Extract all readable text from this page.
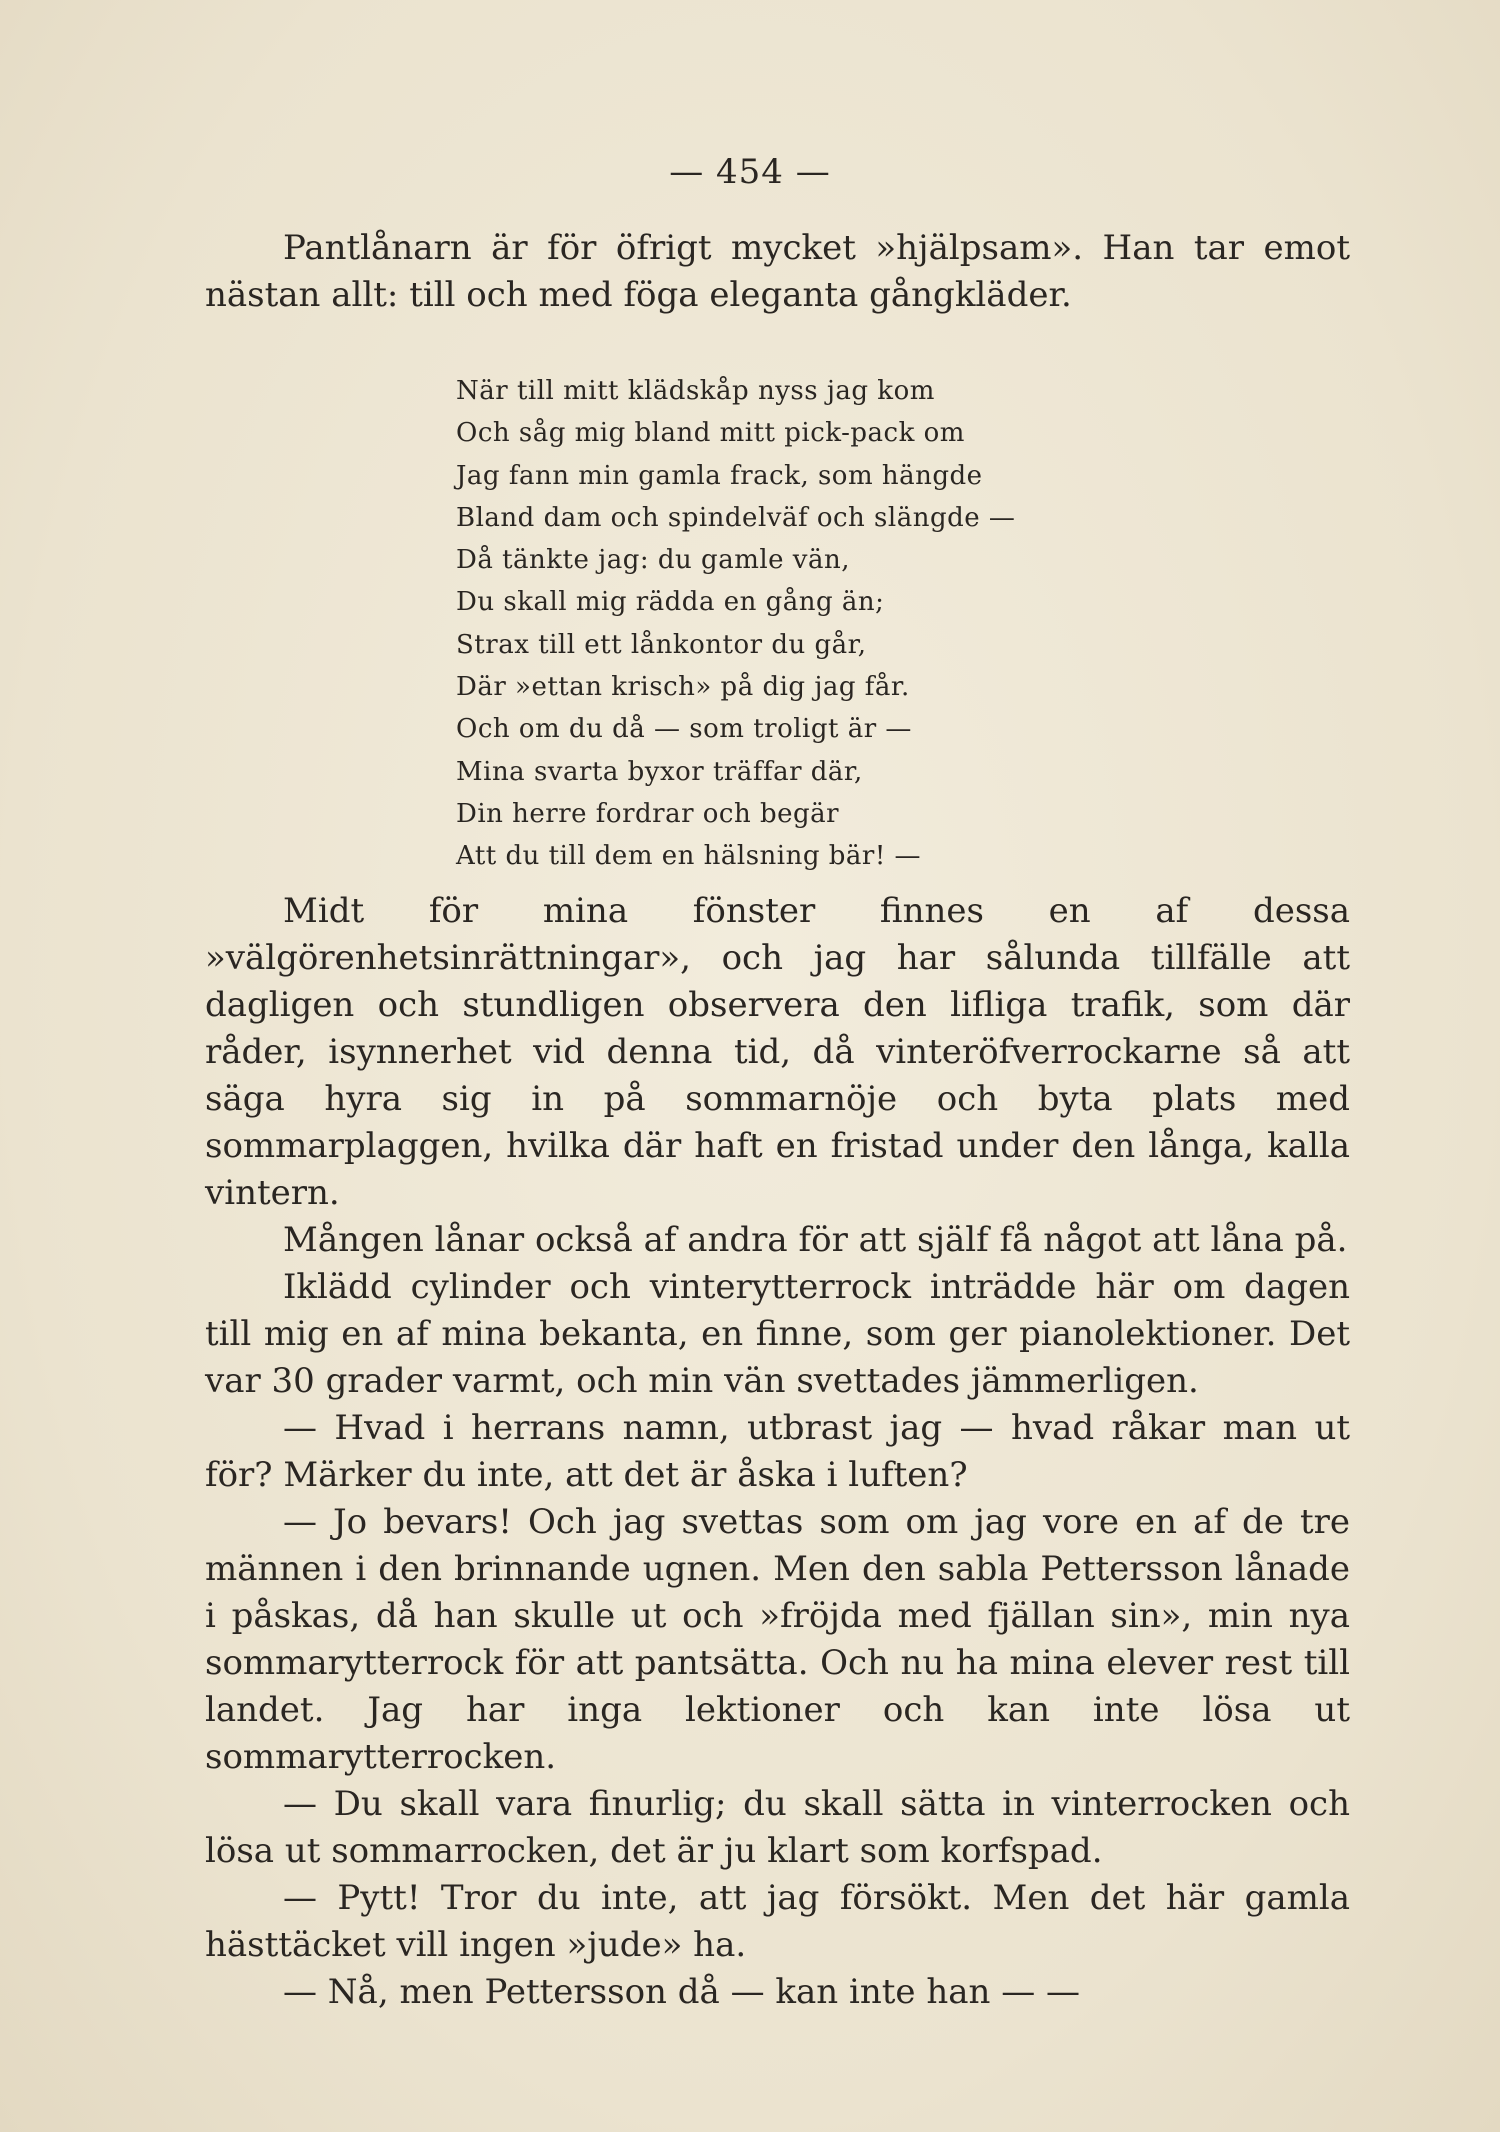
— 454 —

Pantlånarn är för öfrigt mycket »hjälpsam». Han tar emot nästan allt: till och med föga eleganta gångkläder.

När till mitt klädskåp nyss jag kom
Och såg mig bland mitt pick-pack om
Jag fann min gamla frack, som hängde
Bland dam och spindelväf och slängde —
Då tänkte jag: du gamle vän,
Du skall mig rädda en gång än;
Strax till ett lånkontor du går,
Där »ettan krisch» på dig jag får.
Och om du då — som troligt är —
Mina svarta byxor träffar där,
Din herre fordrar och begär
Att du till dem en hälsning bär! —

Midt för mina fönster finnes en af dessa »välgörenhetsinrättningar», och jag har sålunda tillfälle att dagligen och stundligen observera den lifliga trafik, som där råder, isynnerhet vid denna tid, då vinteröfverrockarne så att säga hyra sig in på sommarnöje och byta plats med sommarplaggen, hvilka där haft en fristad under den långa, kalla vintern.

Mången lånar också af andra för att själf få något att låna på.

Iklädd cylinder och vinterytterrock inträdde här om dagen till mig en af mina bekanta, en finne, som ger pianolektioner. Det var 30 grader varmt, och min vän svettades jämmerligen.

— Hvad i herrans namn, utbrast jag — hvad råkar man ut för? Märker du inte, att det är åska i luften?

— Jo bevars! Och jag svettas som om jag vore en af de tre männen i den brinnande ugnen. Men den sabla Pettersson lånade i påskas, då han skulle ut och »fröjda med fjällan sin», min nya sommarytterrock för att pantsätta. Och nu ha mina elever rest till landet. Jag har inga lektioner och kan inte lösa ut sommarytterrocken.

— Du skall vara finurlig; du skall sätta in vinterrocken och lösa ut sommarrocken, det är ju klart som korfspad.

— Pytt! Tror du inte, att jag försökt. Men det här gamla hästtäcket vill ingen »jude» ha.

— Nå, men Pettersson då — kan inte han — —
